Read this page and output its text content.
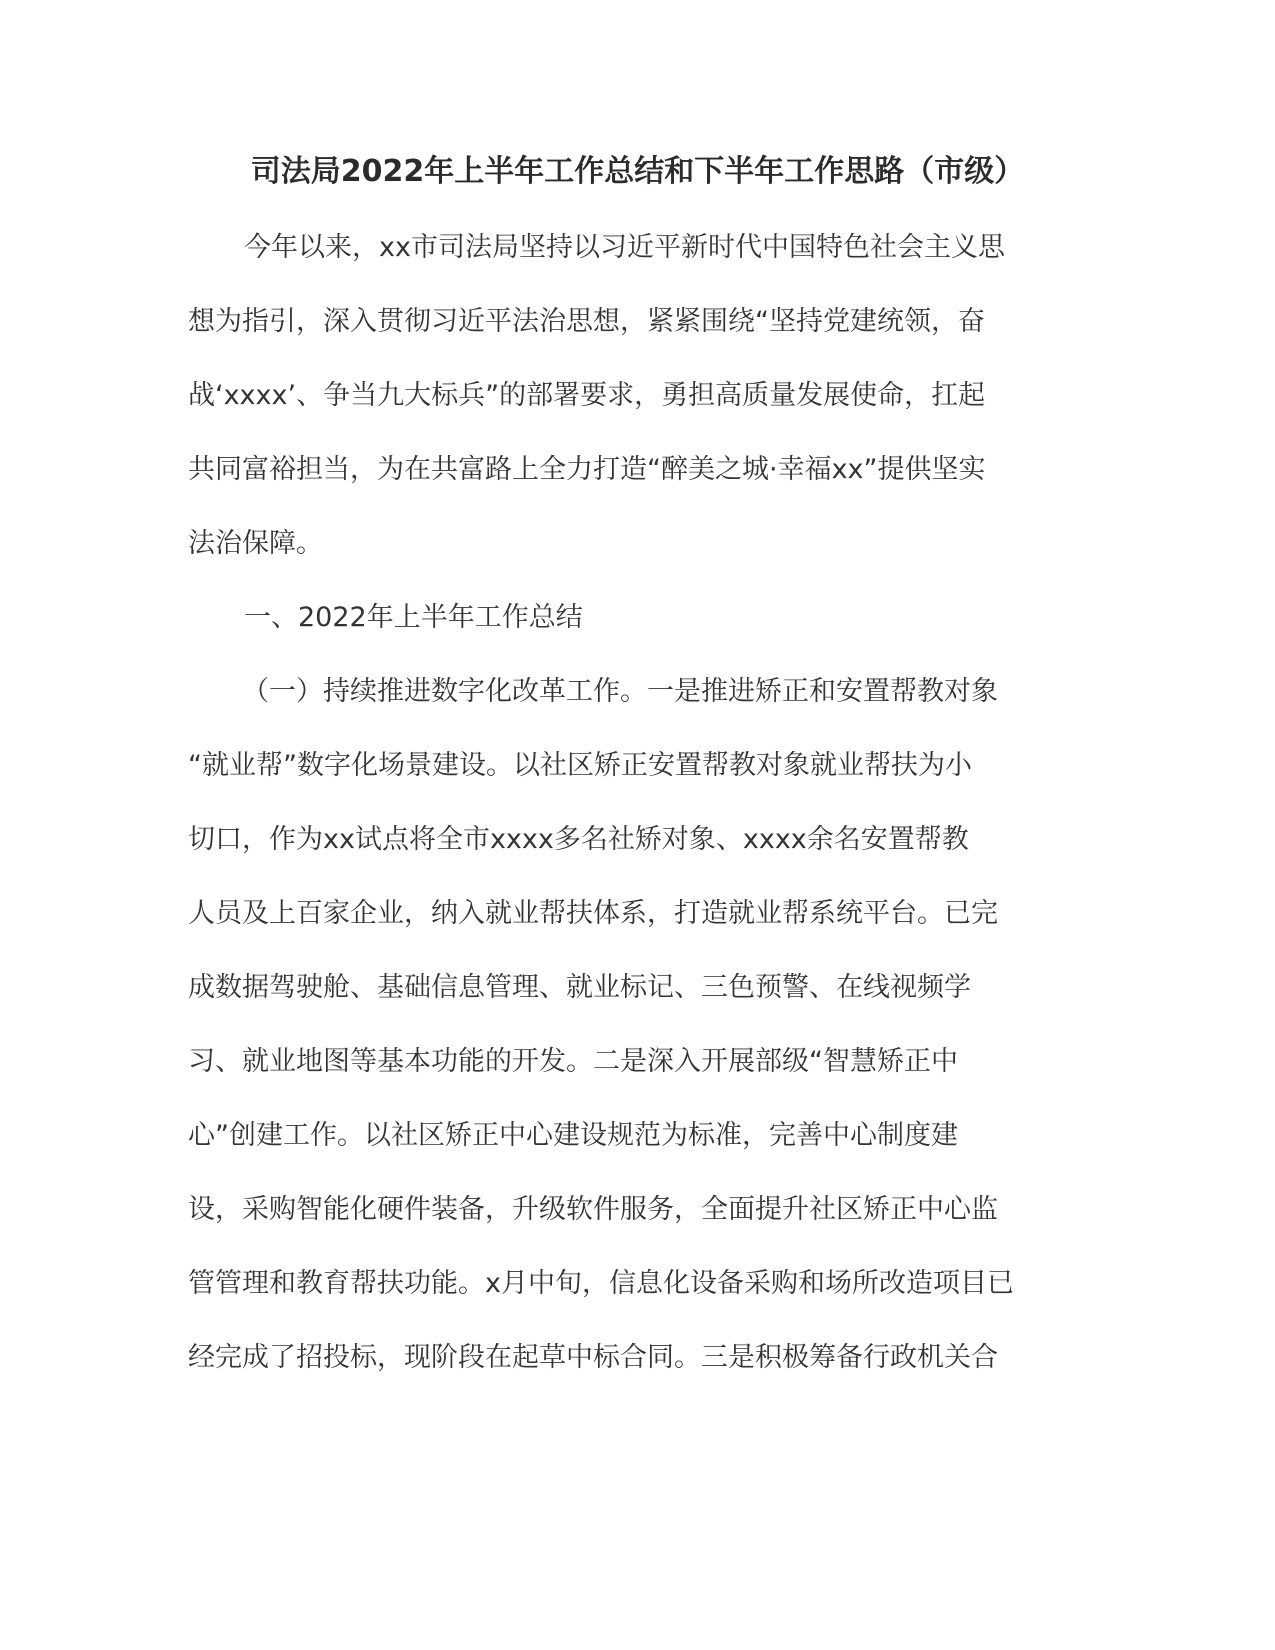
司法局2022年上半年工作总结和下半年工作思路（市级）
今年以来，xx市司法局坚持以习近平新时代中国特色社会主义思
想为指引，深入贯彻习近平法治思想，紧紧围绕“坚持党建统领，奋
战‘xxxx’、争当九大标兵”的部署要求，勇担高质量发展使命，扛起
共同富裕担当，为在共富路上全力打造“醉美之城·幸福xx”提供坚实
法治保障。
一、2022年上半年工作总结
（一）持续推进数字化改革工作。一是推进矫正和安置帮教对象
“就业帮”数字化场景建设。以社区矫正安置帮教对象就业帮扶为小
切口，作为xx试点将全市xxxx多名社矫对象、xxxx余名安置帮教
人员及上百家企业，纳入就业帮扶体系，打造就业帮系统平台。已完
成数据驾驶舱、基础信息管理、就业标记、三色预警、在线视频学
习、就业地图等基本功能的开发。二是深入开展部级“智慧矫正中
心”创建工作。以社区矫正中心建设规范为标准，完善中心制度建
设，采购智能化硬件装备，升级软件服务，全面提升社区矫正中心监
管管理和教育帮扶功能。x月中旬，信息化设备采购和场所改造项目已
经完成了招投标，现阶段在起草中标合同。三是积极筹备行政机关合
